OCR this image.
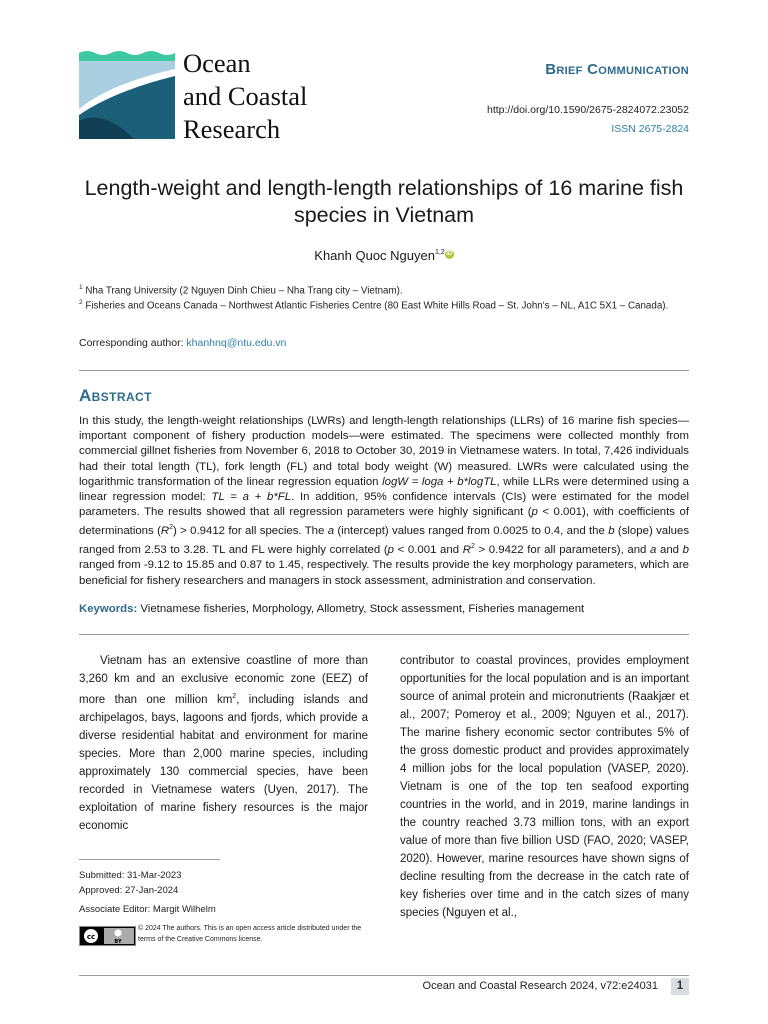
Ocean
and Coastal
Research
Brief Communication
http://doi.org/10.1590/2675-2824072.23052
ISSN 2675-2824
Length-weight and length-length relationships of 16 marine fish species in Vietnam
Khanh Quoc Nguyen$^{1,2}$ iD
$^1$ Nha Trang University (2 Nguyen Dinh Chieu – Nha Trang city – Vietnam).
$^2$ Fisheries and Oceans Canada – Northwest Atlantic Fisheries Centre (80 East White Hills Road – St. John's – NL, A1C 5X1 – Canada).
Corresponding author: khanhnq@ntu.edu.vn
Abstract
In this study, the length-weight relationships (LWRs) and length-length relationships (LLRs) of 16 marine fish species—important component of fishery production models—were estimated. The specimens were collected monthly from commercial gillnet fisheries from November 6, 2018 to October 30, 2019 in Vietnamese waters. In total, 7,426 individuals had their total length (TL), fork length (FL) and total body weight (W) measured. LWRs were calculated using the logarithmic transformation of the linear regression equation logW = loga + b*logTL, while LLRs were determined using a linear regression model: TL = a + b*FL. In addition, 95% confidence intervals (CIs) were estimated for the model parameters. The results showed that all regression parameters were highly significant (p < 0.001), with coefficients of determinations $(R^2) > 0.9412$ for all species. The a (intercept) values ranged from 0.0025 to 0.4, and the b (slope) values ranged from 2.53 to 3.28. TL and FL were highly correlated (p < 0.001 and $R^2 > 0.9422$ for all parameters), and a and b ranged from -9.12 to 15.85 and 0.87 to 1.45, respectively. The results provide the key morphology parameters, which are beneficial for fishery researchers and managers in stock assessment, administration and conservation.
Keywords: Vietnamese fisheries, Morphology, Allometry, Stock assessment, Fisheries management
Vietnam has an extensive coastline of more than 3,260 km and an exclusive economic zone (EEZ) of more than one million $km^2$, including islands and archipelagos, bays, lagoons and fjords, which provide a diverse residential habitat and environment for marine species. More than 2,000 marine species, including approximately 130 commercial species, have been recorded in Vietnamese waters (Uyen, 2017). The exploitation of marine fishery resources is the major economic
contributor to coastal provinces, provides employment opportunities for the local population and is an important source of animal protein and micronutrients (Raakjær et al., 2007; Pomeroy et al., 2009; Nguyen et al., 2017). The marine fishery economic sector contributes 5% of the gross domestic product and provides approximately 4 million jobs for the local population (VASEP, 2020). Vietnam is one of the top ten seafood exporting countries in the world, and in 2019, marine landings in the country reached 3.73 million tons, with an export value of more than five billion USD (FAO, 2020; VASEP, 2020). However, marine resources have shown signs of decline resulting from the decrease in the catch rate of key fisheries over time and in the catch sizes of many species (Nguyen et al.,
Submitted: 31-Mar-2023
Approved: 27-Jan-2024
Associate Editor: Margit Wilhelm
cc
BY
© 2024 The authors. This is an open access article distributed under the terms of the Creative Commons license.
Ocean and Coastal Research 2024, v72:e24031	1
